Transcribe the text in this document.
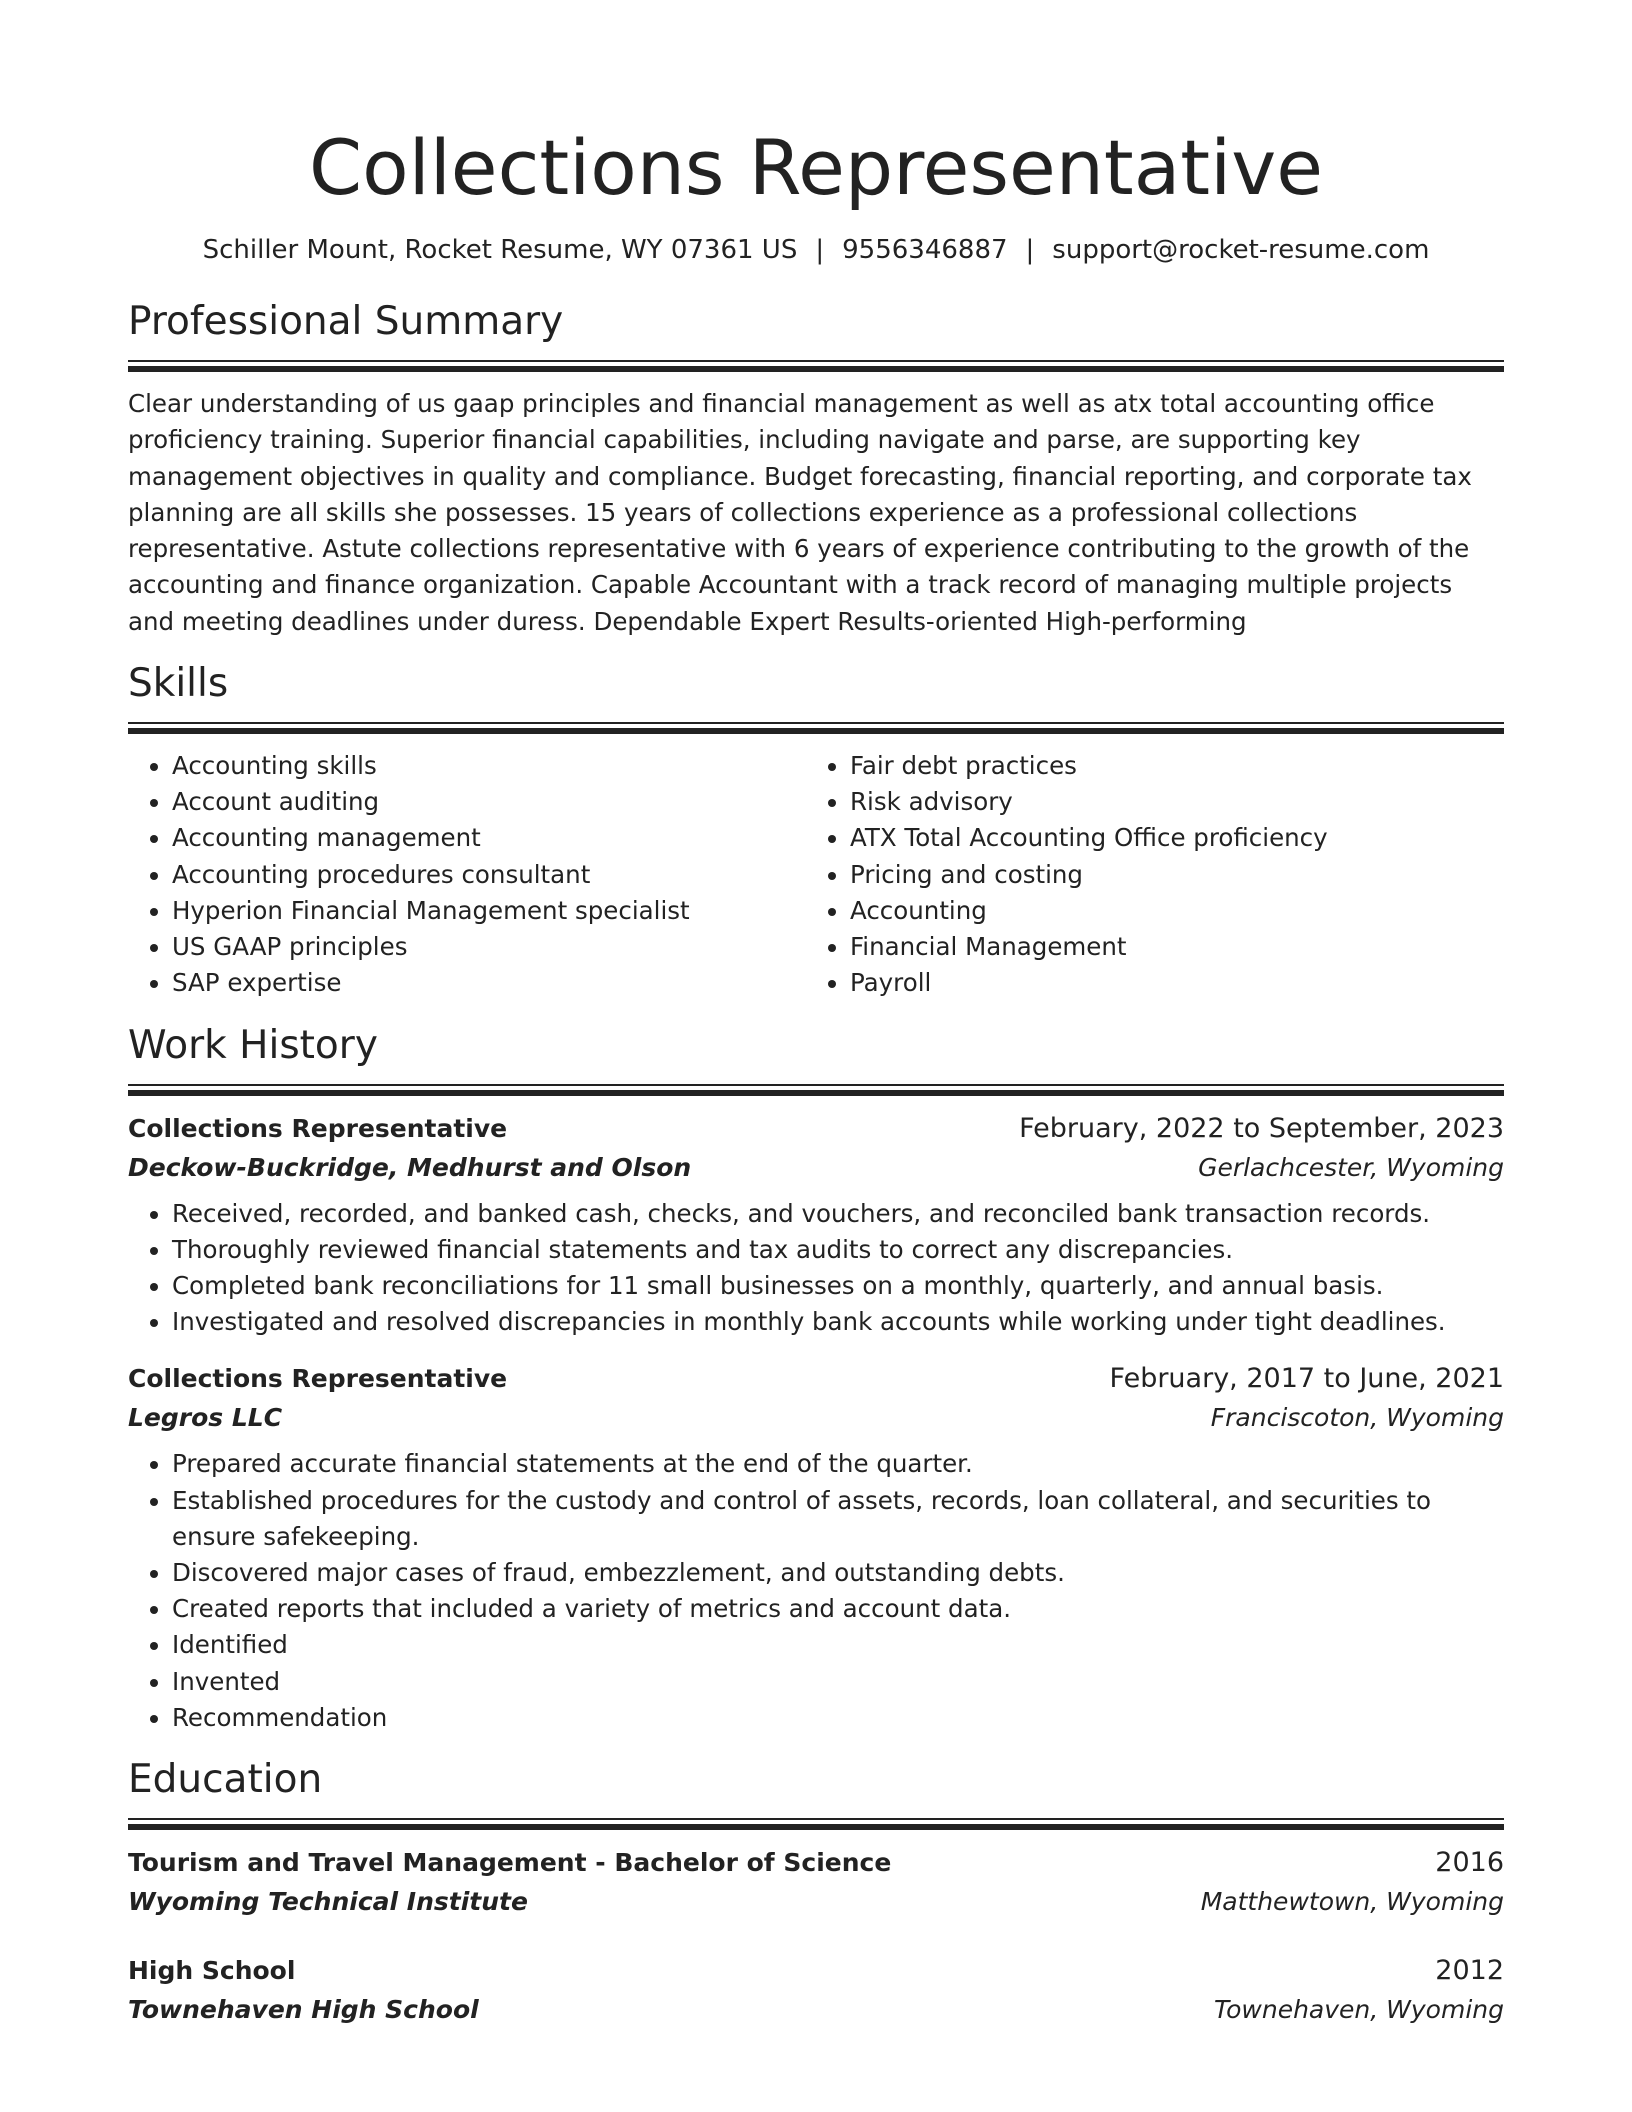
Collections Representative
Schiller Mount, Rocket Resume, WY 07361 US | 9556346887 | support@rocket-resume.com
Professional Summary
Clear understanding of us gaap principles and financial management as well as atx total accounting office proficiency training. Superior financial capabilities, including navigate and parse, are supporting key management objectives in quality and compliance. Budget forecasting, financial reporting, and corporate tax planning are all skills she possesses. 15 years of collections experience as a professional collections representative. Astute collections representative with 6 years of experience contributing to the growth of the accounting and finance organization. Capable Accountant with a track record of managing multiple projects and meeting deadlines under duress. Dependable Expert Results-oriented High-performing
Skills
• Accounting skills
• Account auditing
• Accounting management
• Accounting procedures consultant
• Hyperion Financial Management specialist
• US GAAP principles
• SAP expertise
• Fair debt practices
• Risk advisory
• ATX Total Accounting Office proficiency
• Pricing and costing
• Accounting
• Financial Management
• Payroll
Work History
Collections Representative	February, 2022 to September, 2023
Deckow-Buckridge, Medhurst and Olson	Gerlachcester, Wyoming
• Received, recorded, and banked cash, checks, and vouchers, and reconciled bank transaction records.
• Thoroughly reviewed financial statements and tax audits to correct any discrepancies.
• Completed bank reconciliations for 11 small businesses on a monthly, quarterly, and annual basis.
• Investigated and resolved discrepancies in monthly bank accounts while working under tight deadlines.
Collections Representative	February, 2017 to June, 2021
Legros LLC	Franciscoton, Wyoming
• Prepared accurate financial statements at the end of the quarter.
• Established procedures for the custody and control of assets, records, loan collateral, and securities to ensure safekeeping.
• Discovered major cases of fraud, embezzlement, and outstanding debts.
• Created reports that included a variety of metrics and account data.
• Identified
• Invented
• Recommendation
Education
Tourism and Travel Management - Bachelor of Science	2016
Wyoming Technical Institute	Matthewtown, Wyoming
High School	2012
Townehaven High School	Townehaven, Wyoming
